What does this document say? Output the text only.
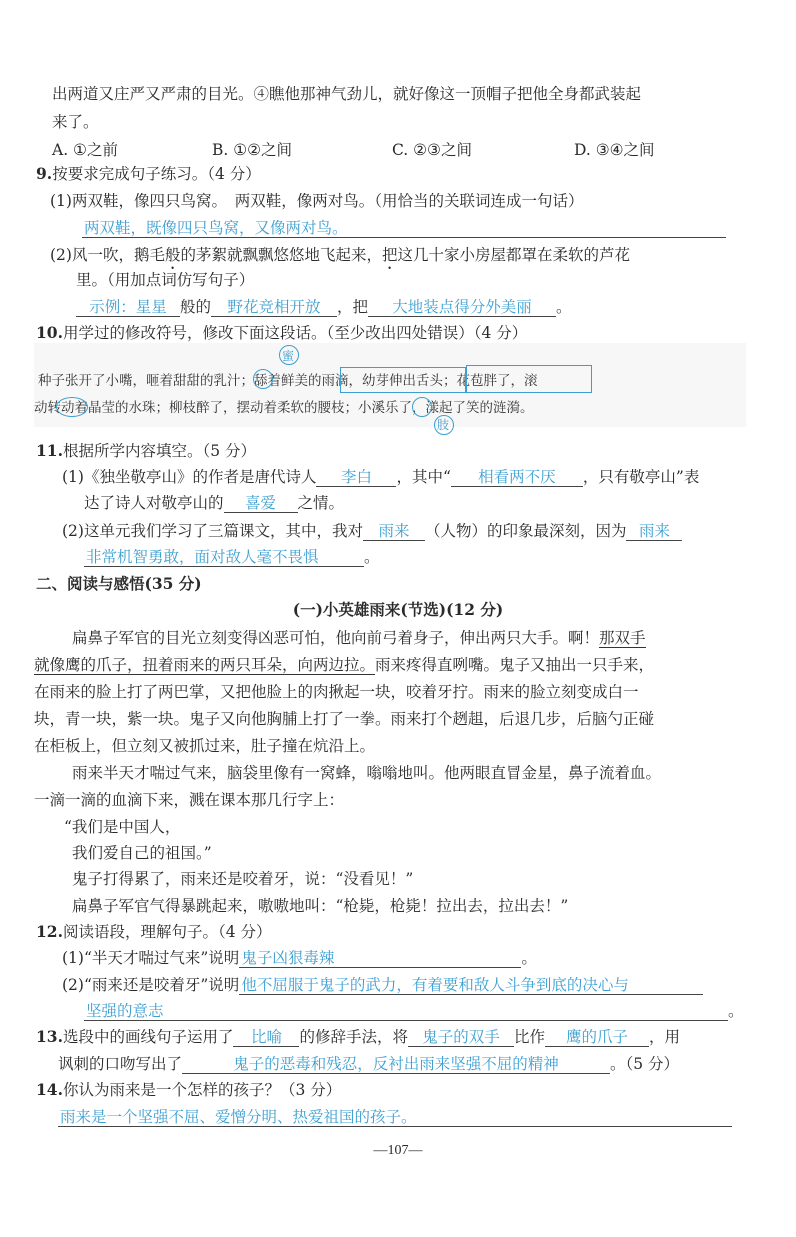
出两道又庄严又严肃的目光。④瞧他那神气劲儿，就好像这一顶帽子把他全身都武装起
来了。
A. ①之前	B. ①②之间	C. ②③之间	D. ③④之间
9.按要求完成句子练习。（4 分）
(1)两双鞋，像四只鸟窝。　两双鞋，像两对鸟。（用恰当的关联词连成一句话）
两双鞋，既像四只鸟窝，又像两对鸟。
(2)风一吹，鹅毛般的茅絮就飘飘悠悠地飞起来，把这几十家小房屋都罩在柔软的芦花
里。（用加点词仿写句子）
示例：星星 般的 野花竞相开放 ，把 大地装点得分外美丽 。
10.用学过的修改符号，修改下面这段话。（至少改出四处错误）（4 分）
种子张开了小嘴，咂着甜甜的乳汁；舔着鲜美的雨滴，幼芽伸出舌头；花苞胖了，滚
动转动着晶莹的水珠；柳枝醉了，摆动着柔软的腰枝；小溪乐了，漾起了笑的涟漪。
蜜
肢
11.根据所学内容填空。（5 分）
(1)《独坐敬亭山》的作者是唐代诗人 李白 ，其中“ 相看两不厌 ，只有敬亭山”表
达了诗人对敬亭山的 喜爱 之情。
(2)这单元我们学习了三篇课文，其中，我对 雨来 （人物）的印象最深刻，因为 雨来
非常机智勇敢，面对敌人毫不畏惧	。
二、阅读与感悟(35 分)
(一)小英雄雨来(节选)(12 分)
扁鼻子军官的目光立刻变得凶恶可怕，他向前弓着身子，伸出两只大手。啊！那双手
就像鹰的爪子，扭着雨来的两只耳朵，向两边拉。雨来疼得直咧嘴。鬼子又抽出一只手来，
在雨来的脸上打了两巴掌，又把他脸上的肉揪起一块，咬着牙拧。雨来的脸立刻变成白一
块，青一块，紫一块。鬼子又向他胸脯上打了一拳。雨来打个趔趄，后退几步，后脑勺正碰
在柜板上，但立刻又被抓过来，肚子撞在炕沿上。
雨来半天才喘过气来，脑袋里像有一窝蜂，嗡嗡地叫。他两眼直冒金星，鼻子流着血。
一滴一滴的血滴下来，溅在课本那几行字上：
“我们是中国人，
我们爱自己的祖国。”
鬼子打得累了，雨来还是咬着牙，说：“没看见！”
扁鼻子军官气得暴跳起来，嗷嗷地叫：“枪毙，枪毙！拉出去，拉出去！”
12.阅读语段，理解句子。（4 分）
(1)“半天才喘过气来”说明 鬼子凶狠毒辣	。
(2)“雨来还是咬着牙”说明 他不屈服于鬼子的武力，有着要和敌人斗争到底的决心与
坚强的意志	。
13.选段中的画线句子运用了 比喻 的修辞手法，将 鬼子的双手 比作 鹰的爪子 ，用
讽刺的口吻写出了	鬼子的恶毒和残忍，反衬出雨来坚强不屈的精神	。（5 分）
14.你认为雨来是一个怎样的孩子？（3 分）
雨来是一个坚强不屈、爱憎分明、热爱祖国的孩子。
—107—
